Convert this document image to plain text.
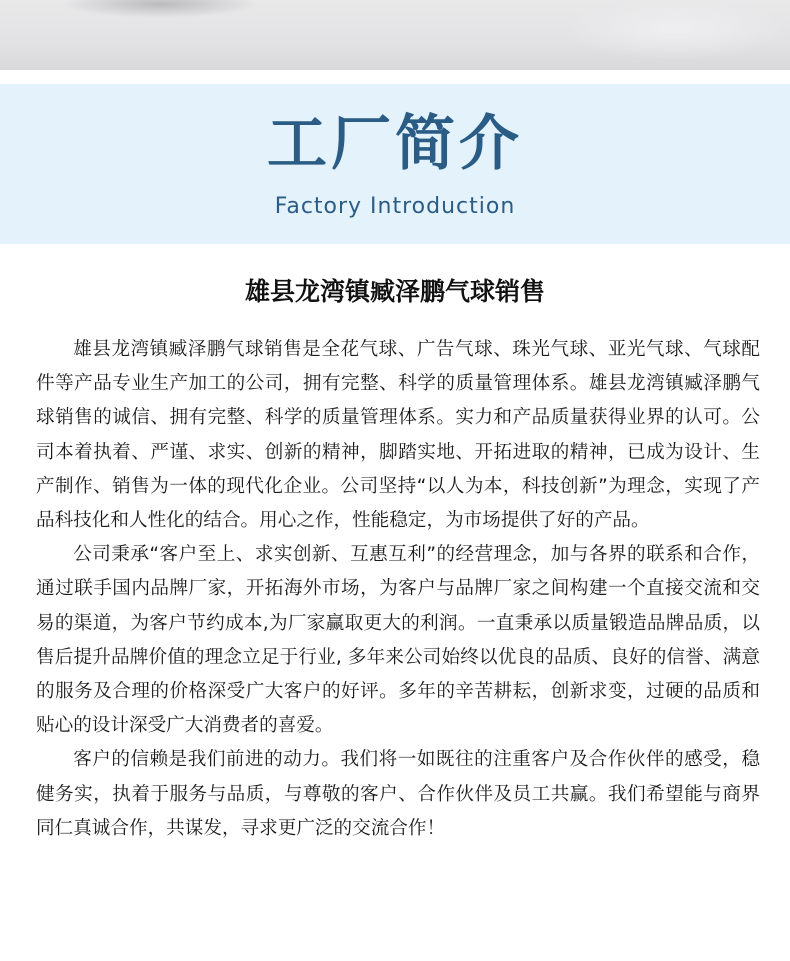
工厂简介
Factory Introduction
雄县龙湾镇臧泽鹏气球销售

雄县龙湾镇臧泽鹏气球销售是全花气球、广告气球、珠光气球、亚光气球、气球配件等产品专业生产加工的公司，拥有完整、科学的质量管理体系。雄县龙湾镇臧泽鹏气球销售的诚信、拥有完整、科学的质量管理体系。实力和产品质量获得业界的认可。公司本着执着、严谨、求实、创新的精神，脚踏实地、开拓进取的精神，已成为设计、生产制作、销售为一体的现代化企业。公司坚持“以人为本，科技创新”为理念，实现了产品科技化和人性化的结合。用心之作，性能稳定，为市场提供了好的产品。

公司秉承“客户至上、求实创新、互惠互利”的经营理念，加与各界的联系和合作，通过联手国内品牌厂家，开拓海外市场，为客户与品牌厂家之间构建一个直接交流和交易的渠道，为客户节约成本,为厂家赢取更大的利润。一直秉承以质量锻造品牌品质，以售后提升品牌价值的理念立足于行业, 多年来公司始终以优良的品质、良好的信誉、满意的服务及合理的价格深受广大客户的好评。多年的辛苦耕耘，创新求变，过硬的品质和贴心的设计深受广大消费者的喜爱。

客户的信赖是我们前进的动力。我们将一如既往的注重客户及合作伙伴的感受，稳健务实，执着于服务与品质，与尊敬的客户、合作伙伴及员工共赢。我们希望能与商界同仁真诚合作，共谋发，寻求更广泛的交流合作！
